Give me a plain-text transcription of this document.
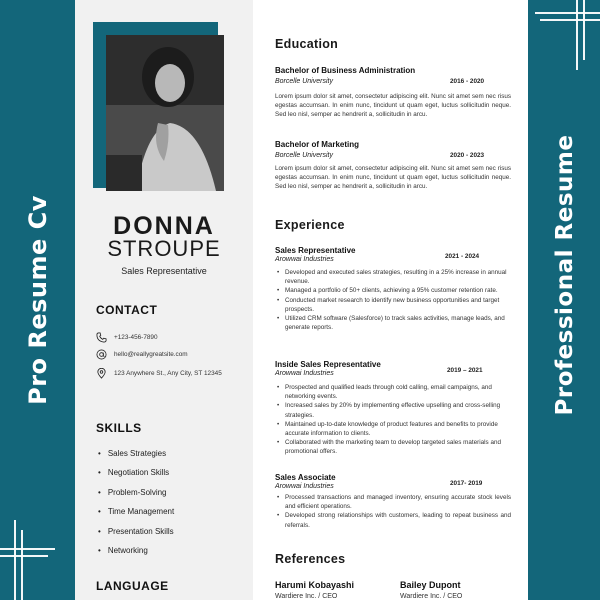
Pro Resume Cv	Professional Resume
DONNA
STROUPE
Sales Representative
CONTACT
+123-456-7890
hello@reallygreatsite.com
123 Anywhere St., Any City, ST 12345
SKILLS
• Sales Strategies
• Negotiation Skills
• Problem-Solving
• Time Management
• Presentation Skills
• Networking
LANGUAGE
Education
Bachelor of Business Administration
Borcelle University	2016 - 2020
Lorem ipsum dolor sit amet, consectetur adipiscing elit. Nunc sit amet sem nec risus egestas accumsan. In enim nunc, tincidunt ut quam eget, luctus sollicitudin neque. Sed leo nisl, semper ac hendrerit a, sollicitudin in arcu.
Bachelor of Marketing
Borcelle University	2020 - 2023
Lorem ipsum dolor sit amet, consectetur adipiscing elit. Nunc sit amet sem nec risus egestas accumsan. In enim nunc, tincidunt ut quam eget, luctus sollicitudin neque. Sed leo nisl, semper ac hendrerit a, sollicitudin in arcu.
Experience
Sales Representative
Arowwai Industries	2021 - 2024
• Developed and executed sales strategies, resulting in a 25% increase in annual revenue.
• Managed a portfolio of 50+ clients, achieving a 95% customer retention rate.
• Conducted market research to identify new business opportunities and target prospects.
• Utilized CRM software (Salesforce) to track sales activities, manage leads, and generate reports.
Inside Sales Representative
Arowwai Industries	2019 – 2021
• Prospected and qualified leads through cold calling, email campaigns, and networking events.
• Increased sales by 20% by implementing effective upselling and cross-selling strategies.
• Maintained up-to-date knowledge of product features and benefits to provide accurate information to clients.
• Collaborated with the marketing team to develop targeted sales materials and promotional offers.
Sales Associate
Arowwai Industries	2017- 2019
• Processed transactions and managed inventory, ensuring accurate stock levels and efficient operations.
• Developed strong relationships with customers, leading to repeat business and referrals.
References
Harumi Kobayashi
Wardiere Inc. / CEO
Bailey Dupont
Wardiere Inc. / CEO
